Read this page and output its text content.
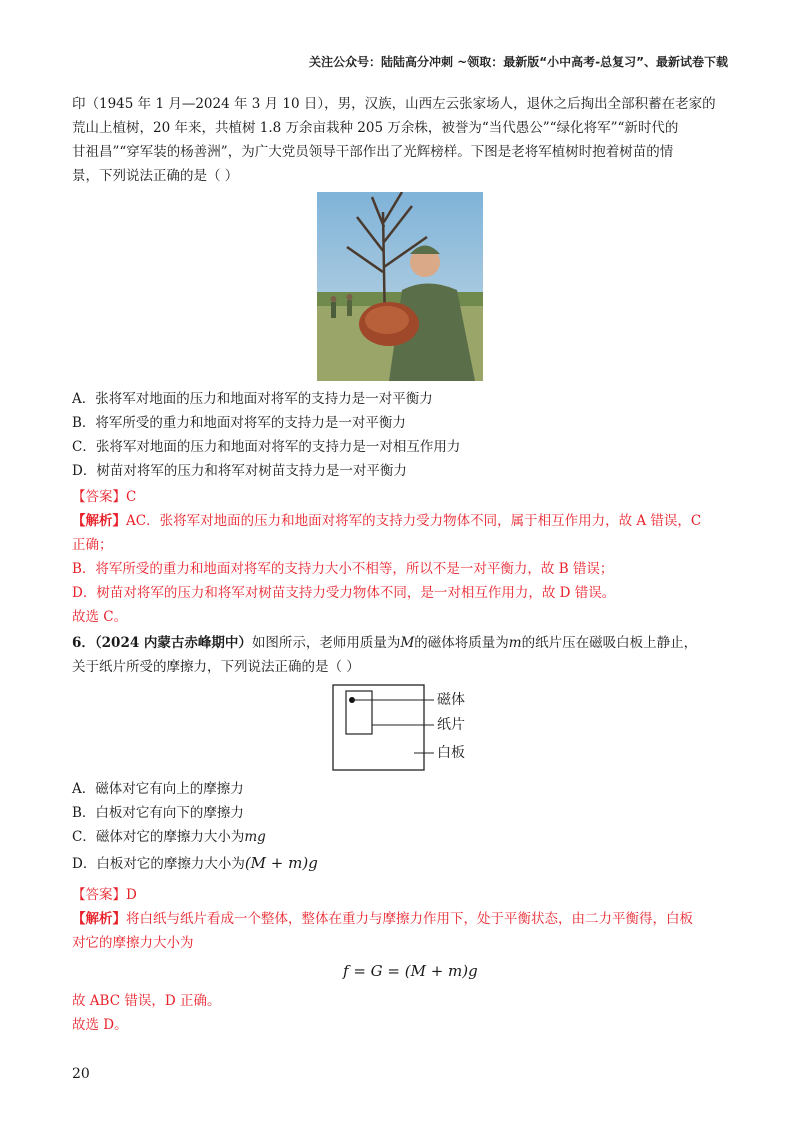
关注公众号：陆陆高分冲刺 ~领取：最新版“小中高考-总复习”、最新试卷下载
印（1945 年 1 月—2024 年 3 月 10 日），男，汉族，山西左云张家场人，退休之后掏出全部积蓄在老家的
荒山上植树，20 年来，共植树 1.8 万余亩栽种 205 万余株，被誉为“当代愚公”“绿化将军”“新时代的
甘祖昌”“穿军装的杨善洲”，为广大党员领导干部作出了光辉榜样。下图是老将军植树时抱着树苗的情
景，下列说法正确的是（ ）
A．张将军对地面的压力和地面对将军的支持力是一对平衡力
B．将军所受的重力和地面对将军的支持力是一对平衡力
C．张将军对地面的压力和地面对将军的支持力是一对相互作用力
D．树苗对将军的压力和将军对树苗支持力是一对平衡力
【答案】C
【解析】AC．张将军对地面的压力和地面对将军的支持力受力物体不同，属于相互作用力，故 A 错误，C
正确；
B．将军所受的重力和地面对将军的支持力大小不相等，所以不是一对平衡力，故 B 错误；
D．树苗对将军的压力和将军对树苗支持力受力物体不同，是一对相互作用力，故 D 错误。
故选 C。
6．（2024 内蒙古赤峰期中）如图所示，老师用质量为M的磁体将质量为m的纸片压在磁吸白板上静止，
关于纸片所受的摩擦力，下列说法正确的是（ ）
磁体
纸片
白板
A．磁体对它有向上的摩擦力
B．白板对它有向下的摩擦力
C．磁体对它的摩擦力大小为mg
D．白板对它的摩擦力大小为(M + m)g
【答案】D
【解析】将白纸与纸片看成一个整体，整体在重力与摩擦力作用下，处于平衡状态，由二力平衡得，白板
对它的摩擦力大小为
f = G = (M + m)g
故 ABC 错误，D 正确。
故选 D。
20
